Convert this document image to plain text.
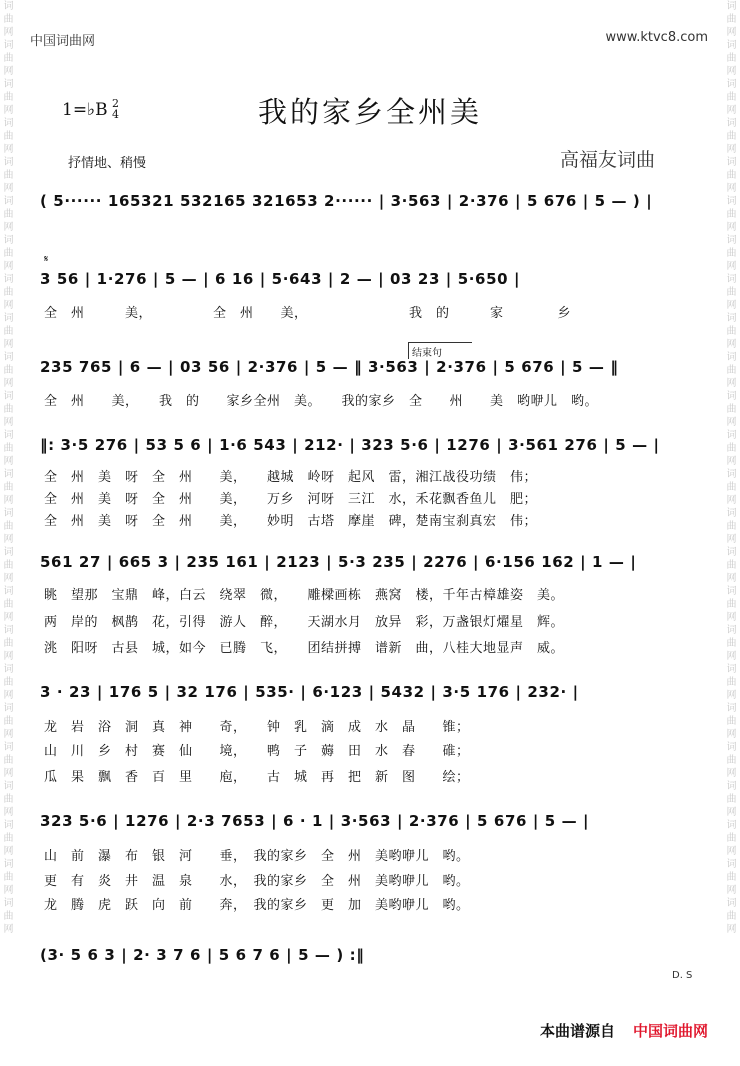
词曲网词曲网词曲网词曲网词曲网词曲网词曲网词曲网词曲网词曲网词曲网词曲网词曲网词曲网词曲网词曲网词曲网词曲网词曲网词曲网词曲网词曲网词曲网词曲网
词曲网词曲网词曲网词曲网词曲网词曲网词曲网词曲网词曲网词曲网词曲网词曲网词曲网词曲网词曲网词曲网词曲网词曲网词曲网词曲网词曲网词曲网词曲网词曲网
中国词曲网	www.ktvc8.com
1=♭B 2
4	我的家乡全州美
高福友词曲
抒情地、稍慢
( 5······ 165321 532165 321653 2······ | 3·563 | 2·376 | 5 676 | 5 — ) |
𝄋
3 56 | 1·276 | 5 — | 6 16 | 5·643 | 2 — | 03 23 | 5·650 |
全　州　　　美，　　　　　全　州　　美，　　　　　　　　我　的　　　家　　　　乡
结束句
235 765 | 6 — | 03 56 | 2·376 | 5 — ‖ 3·563 | 2·376 | 5 676 | 5 — ‖
全　州　　美，　　我　的　　家乡全州　美。　　我的家乡　全　　州　　美　哟咿儿　哟。
‖: 3·5 276 | 53 5 6 | 1·6 543 | 212· | 323 5·6 | 1276 | 3·561 276 | 5 — |
全　州　美　呀　全　州　　美，　　越城　岭呀　起风　雷，湘江战役功绩　伟；
全　州　美　呀　全　州　　美，　　万乡　河呀　三江　水，禾花飘香鱼儿　肥；
全　州　美　呀　全　州　　美，　　妙明　古塔　摩崖　碑，楚南宝刹真宏　伟；
561 27 | 665 3 | 235 161 | 2123 | 5·3 235 | 2276 | 6·156 162 | 1 — |
眺　望那　宝鼎　峰，白云　绕翠　微，　　雕樑画栋　燕窝　楼，千年古樟雄姿　美。
两　岸的　枫鹊　花，引得　游人　醉，　　天湖水月　放异　彩，万盏银灯燿星　辉。
洮　阳呀　古县　城，如今　已腾　飞，　　团结拼搏　谱新　曲，八桂大地显声　威。
3 · 23 | 176 5 | 32 176 | 535· | 6·123 | 5432 | 3·5 176 | 232· |
龙　岩　浴　洞　真　神　　奇，　　钟　乳　滴　成　水　晶　　锥；
山　川　乡　村　赛　仙　　境，　　鸭　子　薅　田　水　春　　碓；
瓜　果　飘　香　百　里　　庖，　　古　城　再　把　新　图　　绘；
323 5·6 | 1276 | 2·3 7653 | 6 · 1 | 3·563 | 2·376 | 5 676 | 5 — |
山　前　瀑　布　银　河　　垂，　我的家乡　全　州　美哟咿儿　哟。
更　有　炎　井　温　泉　　水，　我的家乡　全　州　美哟咿儿　哟。
龙　腾　虎　跃　向　前　　奔，　我的家乡　更　加　美哟咿儿　哟。
(3· 5 6 3 | 2· 3 7 6 | 5 6 7 6 | 5 — ) :‖
D. S
本曲谱源自 中国词曲网
